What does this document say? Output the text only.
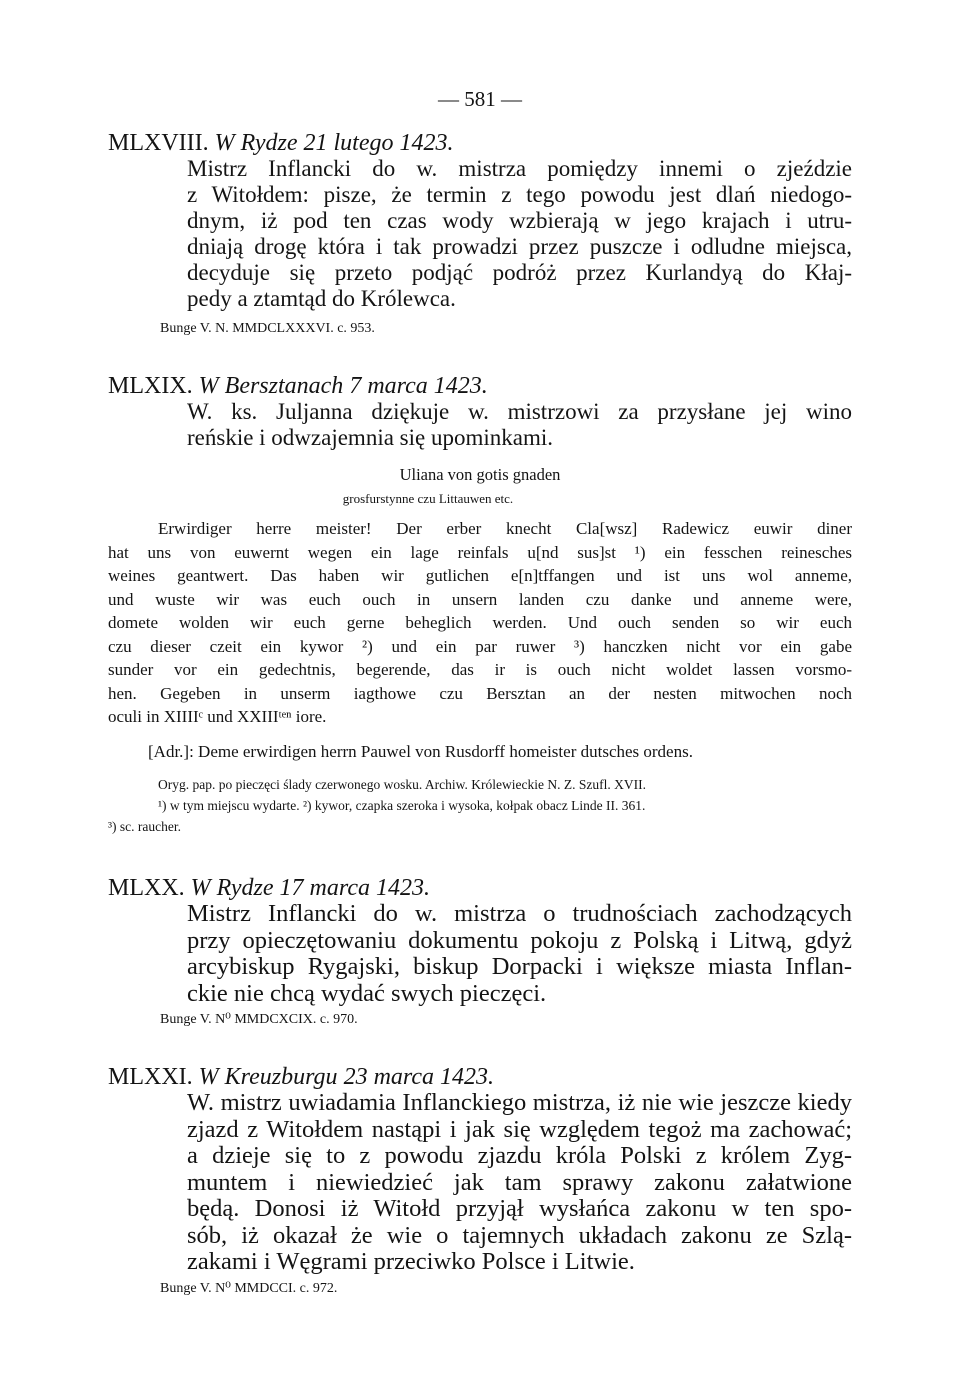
— 581 —

MLXVIII. W Rydze 21 lutego 1423.

Mistrz Inflancki do w. mistrza pomiędzy innemi o zjeździe
z Witołdem: pisze, że termin z tego powodu jest dlań niedogo-
dnym, iż pod ten czas wody wzbierają w jego krajach i utru-
dniają drogę która i tak prowadzi przez puszcze i odludne miejsca,
decyduje się przeto podjąć podróż przez Kurlandyą do Kłaj-
pedy a ztamtąd do Królewca.
Bunge V. N. MMDCLXXXVI. c. 953.

MLXIX. W Bersztanach 7 marca 1423.

W. ks. Juljanna dziękuje w. mistrzowi za przysłane jej wino
reńskie i odwzajemnia się upominkami.
Uliana von gotis gnaden
grosfurstynne czu Littauwen etc.
Erwirdiger herre meister! Der erber knecht Cla[wsz] Radewicz euwir diner
hat uns von euwernt wegen ein lage reinfals u[nd sus]st ¹) ein fesschen reinesches
weines geantwert. Das haben wir gutlichen e[n]tffangen und ist uns wol anneme,
und wuste wir was euch ouch in unsern landen czu danke und anneme were,
domete wolden wir euch gerne beheglich werden. Und ouch senden so wir euch
czu dieser czeit ein kywor ²) und ein par ruwer ³) hanczken nicht vor ein gabe
sunder vor ein gedechtnis, begerende, das ir is ouch nicht woldet lassen vorsmo-
hen. Gegeben in unserm iagthowe czu Bersztan an der nesten mitwochen noch
oculi in XIIIIᶜ und XXIIIᵗᵉⁿ iore.
[Adr.]: Deme erwirdigen herrn Pauwel von Rusdorff homeister dutsches ordens.
Oryg. pap. po pieczęci ślady czerwonego wosku. Archiw. Królewieckie N. Z. Szufl. XVII.
¹) w tym miejscu wydarte. ²) kywor, czapka szeroka i wysoka, kołpak obacz Linde II. 361.
³) sc. raucher.

MLXX. W Rydze 17 marca 1423.

Mistrz Inflancki do w. mistrza o trudnościach zachodzących
przy opieczętowaniu dokumentu pokoju z Polską i Litwą, gdyż
arcybiskup Rygajski, biskup Dorpacki i większe miasta Inflan-
ckie nie chcą wydać swych pieczęci.
Bunge V. N⁰ MMDCXCIX. c. 970.

MLXXI. W Kreuzburgu 23 marca 1423.

W. mistrz uwiadamia Inflanckiego mistrza, iż nie wie jeszcze kiedy
zjazd z Witołdem nastąpi i jak się względem tegoż ma zachować;
a dzieje się to z powodu zjazdu króla Polski z królem Zyg-
muntem i niewiedzieć jak tam sprawy zakonu załatwione
będą. Donosi iż Witołd przyjął wysłańca zakonu w ten spo-
sób, iż okazał że wie o tajemnych układach zakonu ze Szlą-
zakami i Węgrami przeciwko Polsce i Litwie.
Bunge V. N⁰ MMDCCI. c. 972.
